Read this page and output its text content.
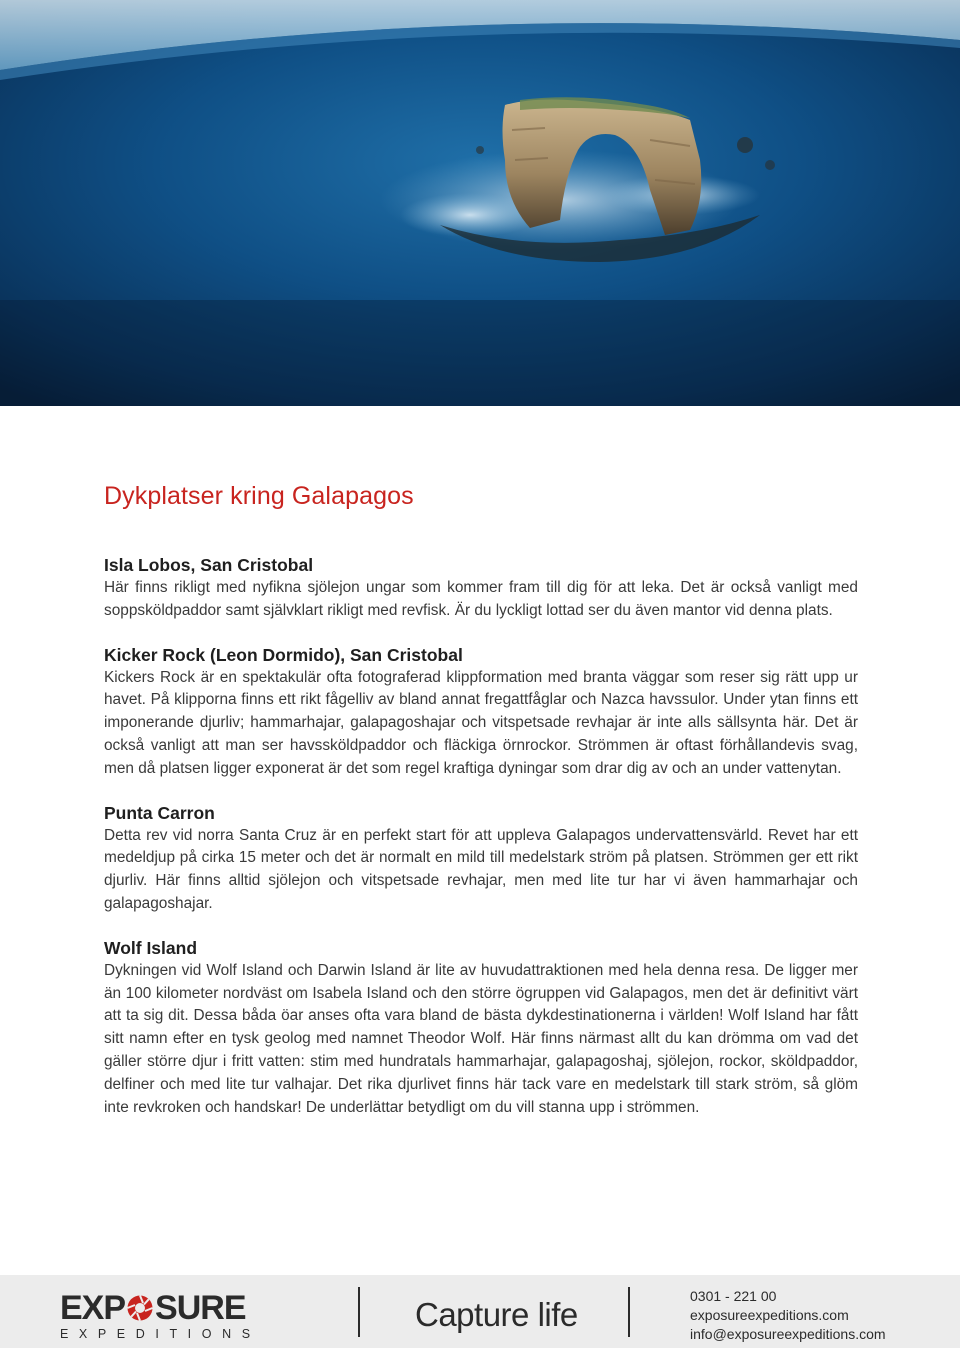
Dykplatser kring Galapagos
Isla Lobos, San Cristobal

Här finns rikligt med nyfikna sjölejon ungar som kommer fram till dig för att leka. Det är också vanligt med soppsköldpaddor samt självklart rikligt med revfisk. Är du lyckligt lottad ser du även mantor vid denna plats.

Kicker Rock (Leon Dormido), San Cristobal

Kickers Rock är en spektakulär ofta fotograferad klippformation med branta väggar som reser sig rätt upp ur havet. På klipporna finns ett rikt fågelliv av bland annat fregattfåglar och Nazca havssulor. Under ytan finns ett imponerande djurliv; hammarhajar, galapagoshajar och vitspetsade revhajar är inte alls sällsynta här. Det är också vanligt att man ser havssköldpaddor och fläckiga örnrockor. Strömmen är oftast förhållandevis svag, men då platsen ligger exponerat är det som regel kraftiga dyningar som drar dig av och an under vattenytan.

Punta Carron

Detta rev vid norra Santa Cruz är en perfekt start för att uppleva Galapagos undervattensvärld. Revet har ett medeldjup på cirka 15 meter och det är normalt en mild till medelstark ström på platsen. Strömmen ger ett rikt djurliv. Här finns alltid sjölejon och vitspetsade revhajar, men med lite tur har vi även hammarhajar och galapagoshajar.

Wolf Island

Dykningen vid Wolf Island och Darwin Island är lite av huvudattraktionen med hela denna resa. De ligger mer än 100 kilometer nordväst om Isabela Island och den större ögruppen vid Galapagos, men det är definitivt värt att ta sig dit. Dessa båda öar anses ofta vara bland de bästa dykdestinationerna i världen! Wolf Island har fått sitt namn efter en tysk geolog med namnet Theodor Wolf. Här finns närmast allt du kan drömma om vad det gäller större djur i fritt vatten: stim med hundratals hammarhajar, galapagoshaj, sjölejon, rockor, sköldpaddor, delfiner och med lite tur valhajar. Det rika djurlivet finns här tack vare en medelstark till stark ström, så glöm inte revkroken och handskar! De underlättar betydligt om du vill stanna upp i strömmen.

EXP SURE
EXPEDITIONS
Capture life	0301 - 221 00
exposureexpeditions.com
info@exposureexpeditions.com
